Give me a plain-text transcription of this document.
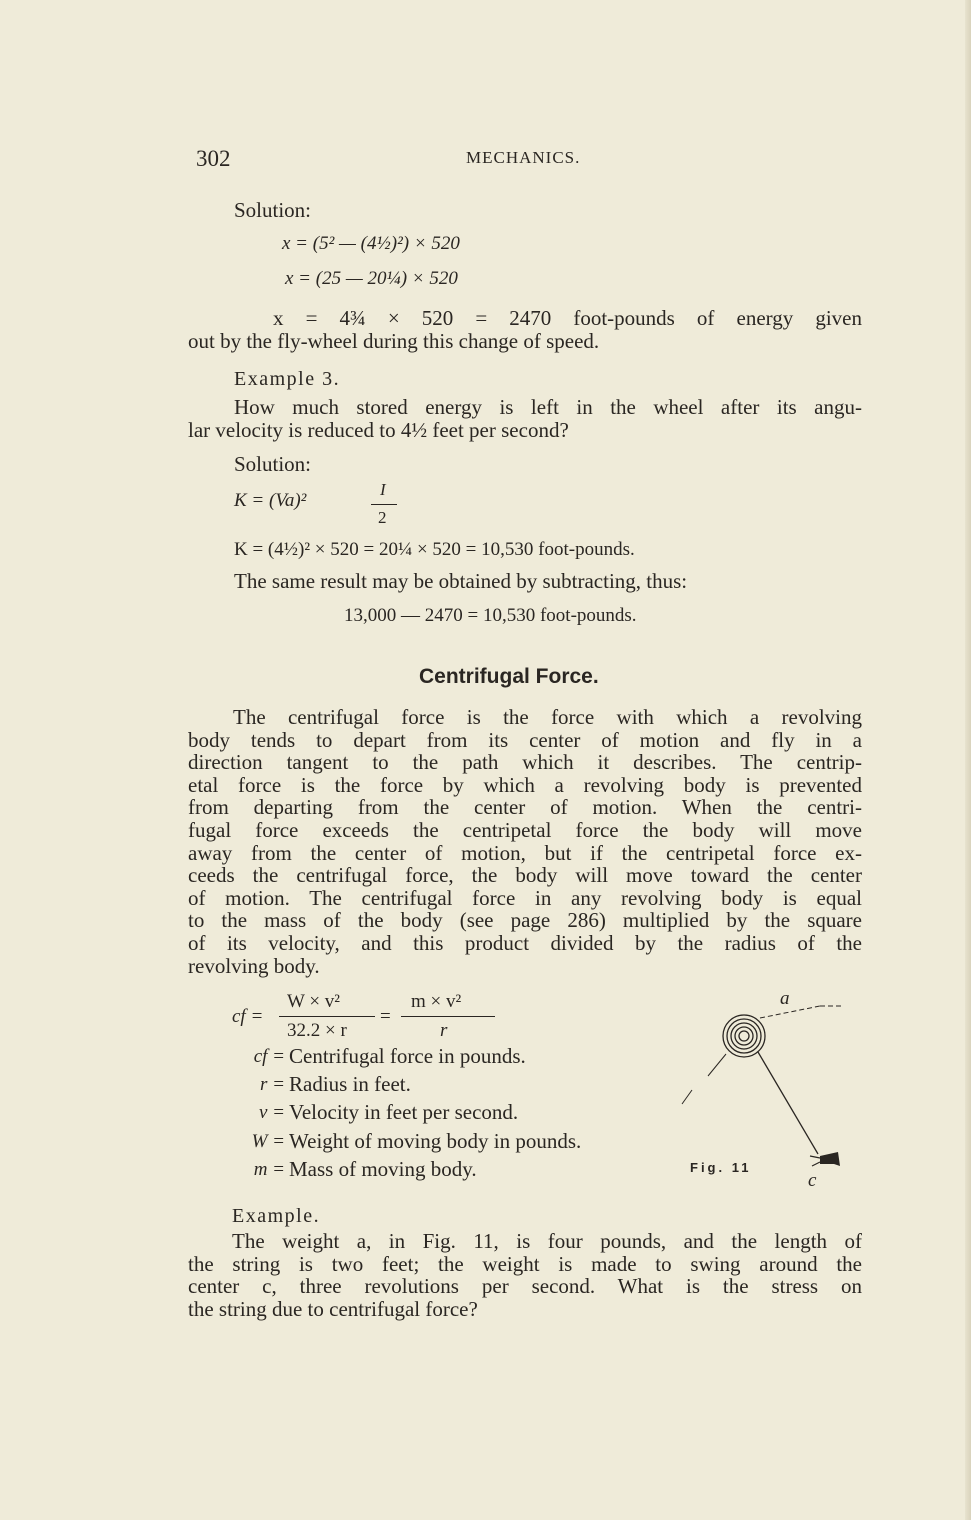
302	MECHANICS.
Solution:
x = (5² — (4½)²) × 520
x = (25 — 20¼) × 520
x = 4¾ × 520 = 2470 foot-pounds of energy given
out by the fly-wheel during this change of speed.
Example 3.
How much stored energy is left in the wheel after its angu-
lar velocity is reduced to 4½ feet per second?
Solution:
K = (Va)²
I
2
K = (4½)² × 520 = 20¼ × 520 = 10,530 foot-pounds.
The same result may be obtained by subtracting, thus:
13,000 — 2470 = 10,530 foot-pounds.
Centrifugal Force.
The centrifugal force is the force with which a revolving
body tends to depart from its center of motion and fly in a
direction tangent to the path which it describes. The centrip-
etal force is the force by which a revolving body is prevented
from departing from the center of motion. When the centri-
fugal force exceeds the centripetal force the body will move
away from the center of motion, but if the centripetal force ex-
ceeds the centrifugal force, the body will move toward the center
of motion. The centrifugal force in any revolving body is equal
to the mass of the body (see page 286) multiplied by the square
of its velocity, and this product divided by the radius of the
revolving body.
cf =
W × v²
32.2 × r
=
m × v²
r
cf = Centrifugal force in pounds.
r = Radius in feet.
v = Velocity in feet per second.
W = Weight of moving body in pounds.
m = Mass of moving body.
a
c
Fig. 11
Example.
The weight a, in Fig. 11, is four pounds, and the length of
the string is two feet; the weight is made to swing around the
center c, three revolutions per second. What is the stress on
the string due to centrifugal force?
